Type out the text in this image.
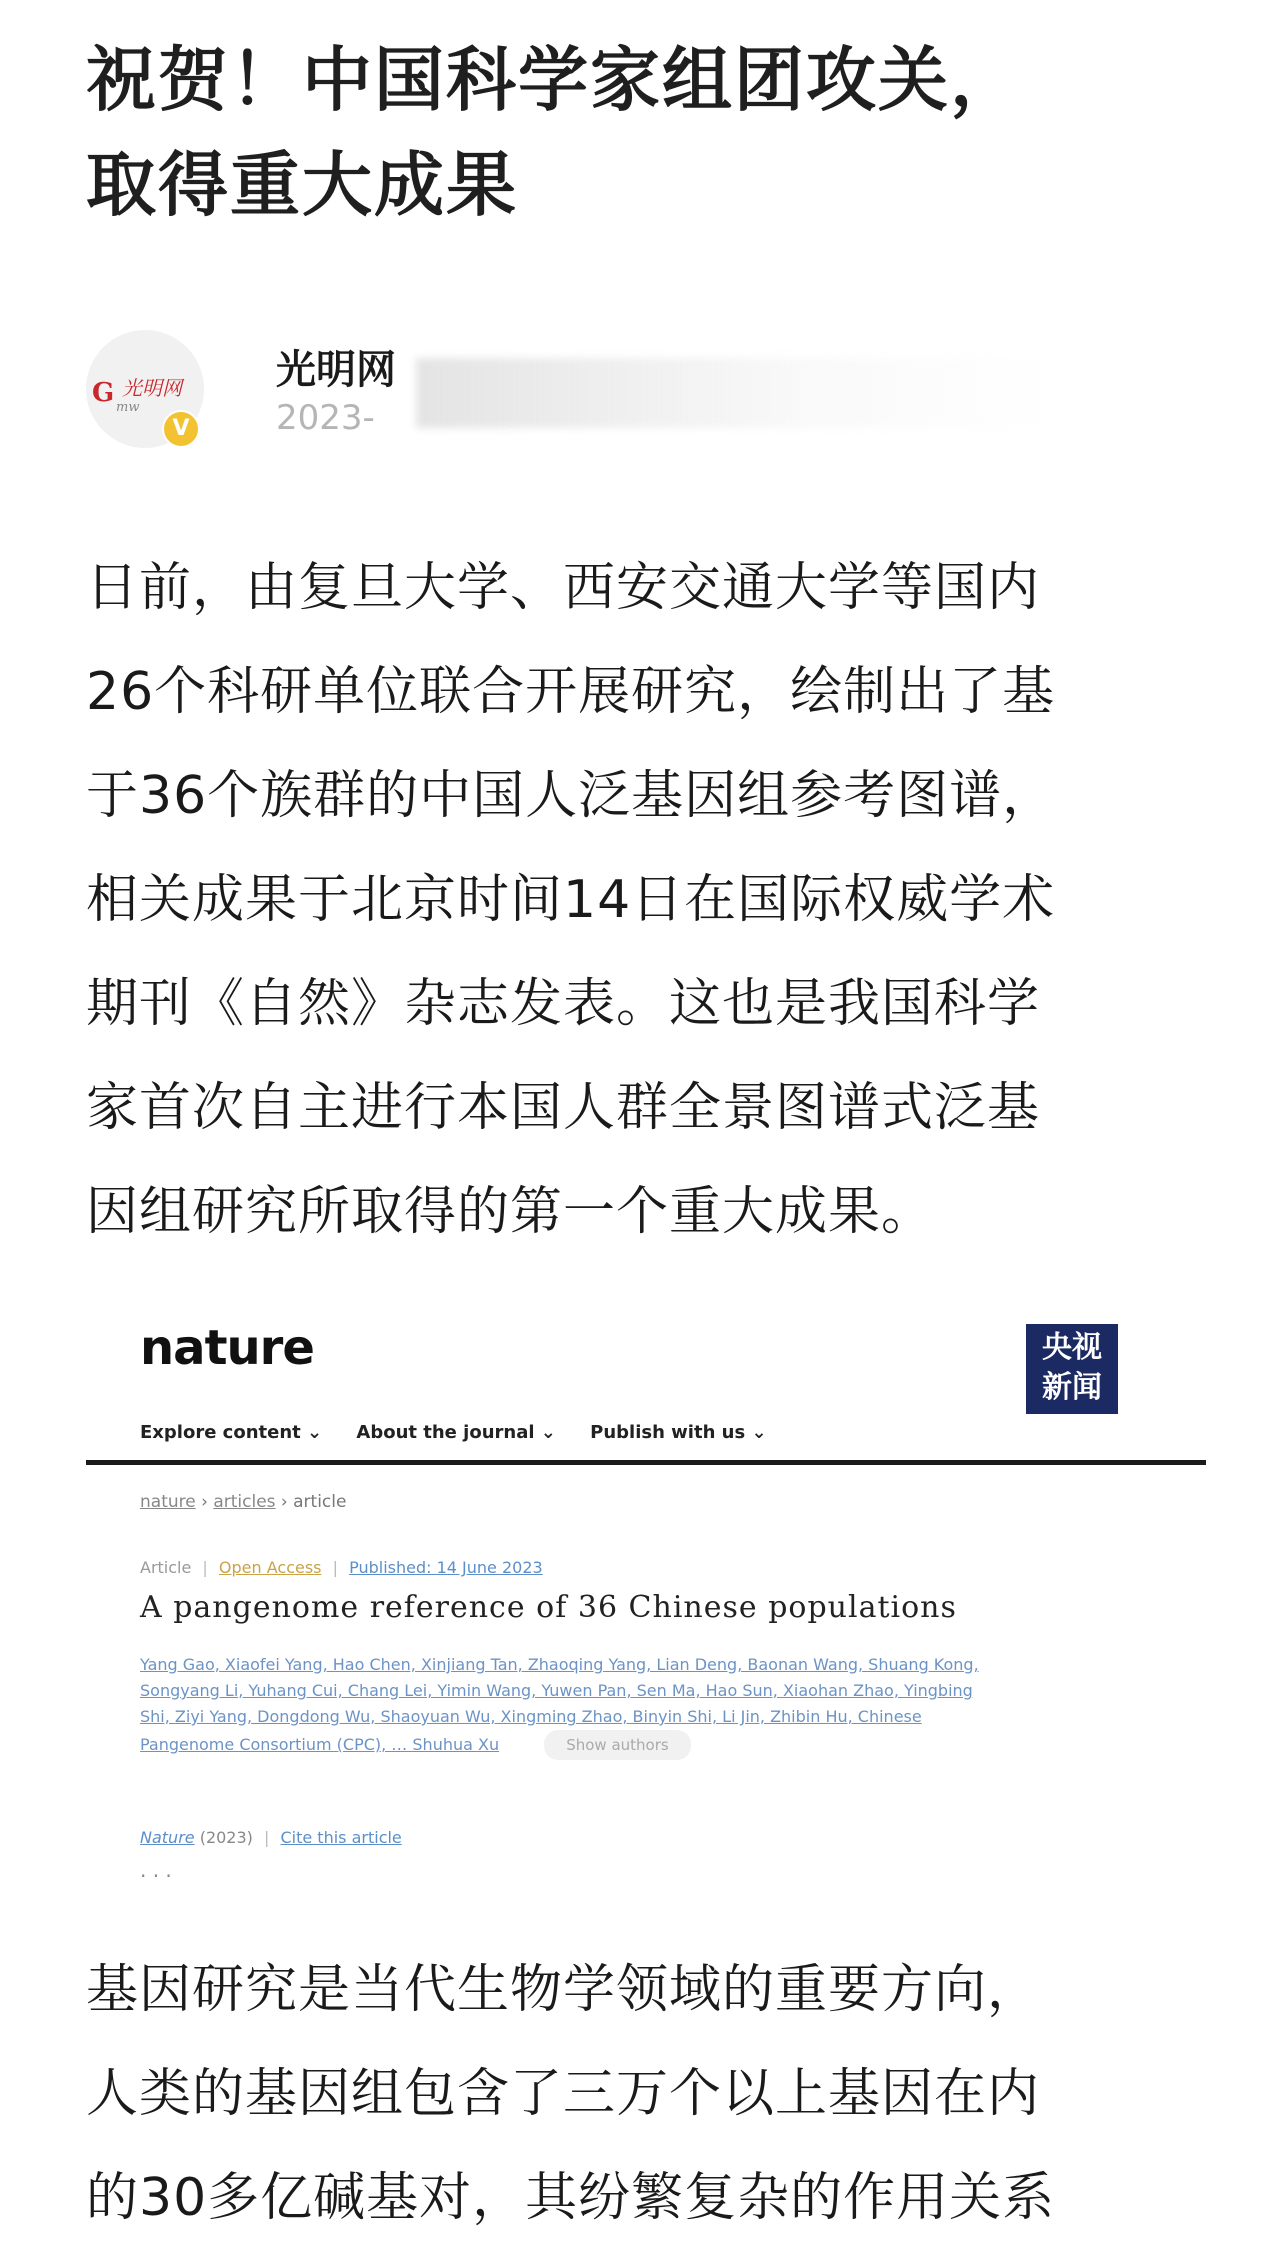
祝贺！中国科学家组团攻关，
取得重大成果
G 光明网
mw
V
光明网
2023-
日前，由复旦大学、西安交通大学等国内
26个科研单位联合开展研究，绘制出了基
于36个族群的中国人泛基因组参考图谱，
相关成果于北京时间14日在国际权威学术
期刊《自然》杂志发表。这也是我国科学
家首次自主进行本国人群全景图谱式泛基
因组研究所取得的第一个重大成果。
nature	央视
新闻
Explore content ⌄ About the journal ⌄ Publish with us ⌄
nature › articles › article
Article | Open Access | Published: 14 June 2023
A pangenome reference of 36 Chinese populations
Yang Gao, Xiaofei Yang, Hao Chen, Xinjiang Tan, Zhaoqing Yang, Lian Deng, Baonan Wang, Shuang Kong,
Songyang Li, Yuhang Cui, Chang Lei, Yimin Wang, Yuwen Pan, Sen Ma, Hao Sun, Xiaohan Zhao, Yingbing
Shi, Ziyi Yang, Dongdong Wu, Shaoyuan Wu, Xingming Zhao, Binyin Shi, Li Jin, Zhibin Hu, Chinese
Pangenome Consortium (CPC), … Shuhua Xu	Show authors
Nature (2023) | Cite this article
· · ·
基因研究是当代生物学领域的重要方向，
人类的基因组包含了三万个以上基因在内
的30多亿碱基对，其纷繁复杂的作用关系
